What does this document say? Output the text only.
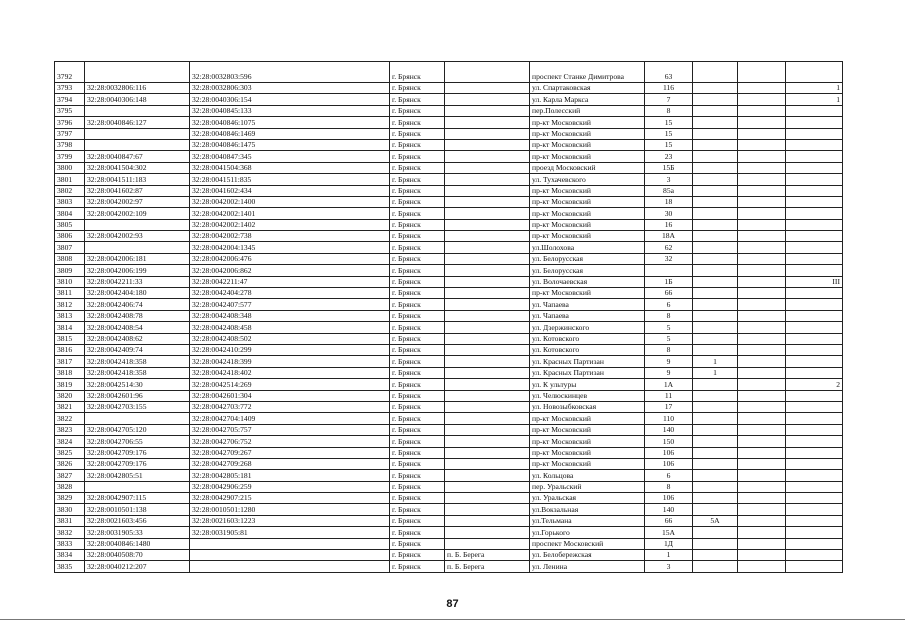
3792		32:28:0032803:596	г. Брянск		проспект Станке Димитрова	63			
3793	32:28:0032806:116	32:28:0032806:303	г. Брянск		ул. Спартаковская	116			1
3794	32:28:0040306:148	32:28:0040306:154	г. Брянск		ул. Карла Маркса	7			1
3795		32:28:0040845:133	г. Брянск		пер.Полесский	8			
3796	32:28:0040846:127	32:28:0040846:1075	г. Брянск		пр-кт Московский	15			
3797		32:28:0040846:1469	г. Брянск		пр-кт Московский	15			
3798		32:28:0040846:1475	г. Брянск		пр-кт Московский	15			
3799	32:28:0040847:67	32:28:0040847:345	г. Брянск		пр-кт Московский	23			
3800	32:28:0041504:302	32:28:0041504:368	г. Брянск		проезд Московский	15Б			
3801	32:28:0041511:183	32:28:0041511:835	г. Брянск		ул. Тухачевского	3			
3802	32:28:0041602:87	32:28:0041602:434	г. Брянск		пр-кт Московский	85а			
3803	32:28:0042002:97	32:28:0042002:1400	г. Брянск		пр-кт Московский	18			
3804	32:28:0042002:109	32:28:0042002:1401	г. Брянск		пр-кт Московский	30			
3805		32:28:0042002:1402	г. Брянск		пр-кт Московский	16			
3806	32:28:0042002:93	32:28:0042002:738	г. Брянск		пр-кт Московский	18А			
3807		32:28:0042004:1345	г. Брянск		ул.Шолохова	62			
3808	32:28:0042006:181	32:28:0042006:476	г. Брянск		ул. Белорусская	32			
3809	32:28:0042006:199	32:28:0042006:862	г. Брянск		ул. Белорусская				
3810	32:28:0042211:33	32:28:0042211:47	г. Брянск		ул. Волочаевская	1Б			III
3811	32:28:0042404:180	32:28:0042404:278	г. Брянск		пр-кт Московский	66			
3812	32:28:0042406:74	32:28:0042407:577	г. Брянск		ул. Чапаева	6			
3813	32:28:0042408:78	32:28:0042408:348	г. Брянск		ул. Чапаева	8			
3814	32:28:0042408:54	32:28:0042408:458	г. Брянск		ул. Дзержинского	5			
3815	32:28:0042408:62	32:28:0042408:502	г. Брянск		ул. Котовского	5			
3816	32:28:0042409:74	32:28:0042410:299	г. Брянск		ул. Котовского	8			
3817	32:28:0042418:358	32:28:0042418:399	г. Брянск		ул. Красных Партизан	9	1		
3818	32:28:0042418:358	32:28:0042418:402	г. Брянск		ул. Красных Партизан	9	1		
3819	32:28:0042514:30	32:28:0042514:269	г. Брянск		ул. К ультуры	1А			2
3820	32:28:0042601:96	32:28:0042601:304	г. Брянск		ул. Челюскинцев	11			
3821	32:28:0042703:155	32:28:0042703:772	г. Брянск		ул. Новозыбковская	17			
3822		32:28:0042704:1409	г. Брянск		пр-кт Московский	110			
3823	32:28:0042705:120	32:28:0042705:757	г. Брянск		пр-кт Московский	140			
3824	32:28:0042706:55	32:28:0042706:752	г. Брянск		пр-кт Московский	150			
3825	32:28:0042709:176	32:28:0042709:267	г. Брянск		пр-кт Московский	106			
3826	32:28:0042709:176	32:28:0042709:268	г. Брянск		пр-кт Московский	106			
3827	32:28:0042805:51	32:28:0042805:181	г. Брянск		ул. Кольцова	6			
3828		32:28:0042906:259	г. Брянск		пер. Уральский	8			
3829	32:28:0042907:115	32:28:0042907:215	г. Брянск		ул. Уральская	106			
3830	32:28:0010501:138	32:28:0010501:1280	г. Брянск		ул.Вокзальная	140			
3831	32:28:0021603:456	32:28:0021603:1223	г. Брянск		ул.Тельмана	66	5А		
3832	32:28:0031905:33	32:28:0031905:81	г. Брянск		ул.Горького	15А			
3833	32:28:0040846:1480		г. Брянск		проспект Московский	1Д			
3834	32:28:0040508:70		г. Брянск	п. Б. Берега	ул. Белобережская	1			
3835	32:28:0040212:207		г. Брянск	п. Б. Берега	ул. Ленина	3			
87
